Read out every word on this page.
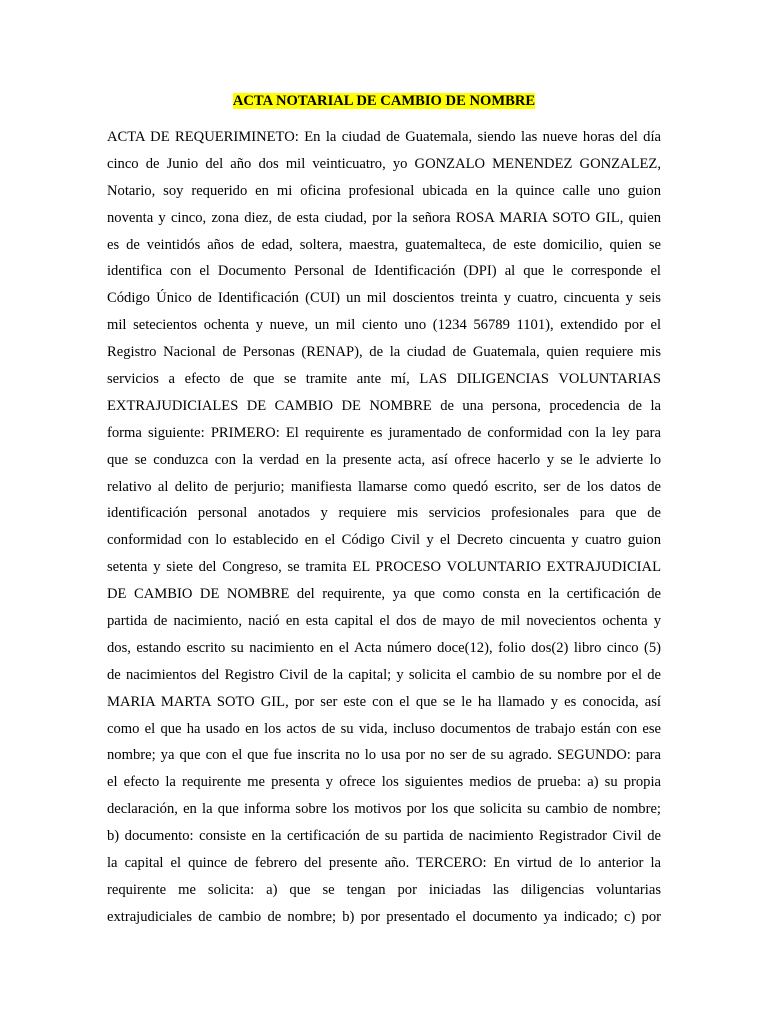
ACTA NOTARIAL DE CAMBIO DE NOMBRE
ACTA DE REQUERIMINETO: En la ciudad de Guatemala, siendo las nueve horas del día
cinco de Junio del año dos mil veinticuatro, yo GONZALO MENENDEZ GONZALEZ,
Notario, soy requerido en mi oficina profesional ubicada en la quince calle uno guion
noventa y cinco, zona diez, de esta ciudad, por la señora ROSA MARIA SOTO GIL, quien
es de veintidós años de edad, soltera, maestra, guatemalteca, de este domicilio, quien se
identifica con el Documento Personal de Identificación (DPI) al que le corresponde el
Código Único de Identificación (CUI) un mil doscientos treinta y cuatro, cincuenta y seis
mil setecientos ochenta y nueve, un mil ciento uno (1234 56789 1101), extendido por el
Registro Nacional de Personas (RENAP), de la ciudad de Guatemala, quien requiere mis
servicios a efecto de que se tramite ante mí, LAS DILIGENCIAS VOLUNTARIAS
EXTRAJUDICIALES DE CAMBIO DE NOMBRE de una persona, procedencia de la
forma siguiente: PRIMERO: El requirente es juramentado de conformidad con la ley para
que se conduzca con la verdad en la presente acta, así ofrece hacerlo y se le advierte lo
relativo al delito de perjurio; manifiesta llamarse como quedó escrito, ser de los datos de
identificación personal anotados y requiere mis servicios profesionales para que de
conformidad con lo establecido en el Código Civil y el Decreto cincuenta y cuatro guion
setenta y siete del Congreso, se tramita EL PROCESO VOLUNTARIO EXTRAJUDICIAL
DE CAMBIO DE NOMBRE del requirente, ya que como consta en la certificación de
partida de nacimiento, nació en esta capital el dos de mayo de mil novecientos ochenta y
dos, estando escrito su nacimiento en el Acta número doce(12), folio dos(2) libro cinco (5)
de nacimientos del Registro Civil de la capital; y solicita el cambio de su nombre por el de
MARIA MARTA SOTO GIL, por ser este con el que se le ha llamado y es conocida, así
como el que ha usado en los actos de su vida, incluso documentos de trabajo están con ese
nombre; ya que con el que fue inscrita no lo usa por no ser de su agrado. SEGUNDO: para
el efecto la requirente me presenta y ofrece los siguientes medios de prueba: a) su propia
declaración, en la que informa sobre los motivos por los que solicita su cambio de nombre;
b) documento: consiste en la certificación de su partida de nacimiento Registrador Civil de
la capital el quince de febrero del presente año. TERCERO: En virtud de lo anterior la
requirente me solicita: a) que se tengan por iniciadas las diligencias voluntarias
extrajudiciales de cambio de nombre; b) por presentado el documento ya indicado; c) por
